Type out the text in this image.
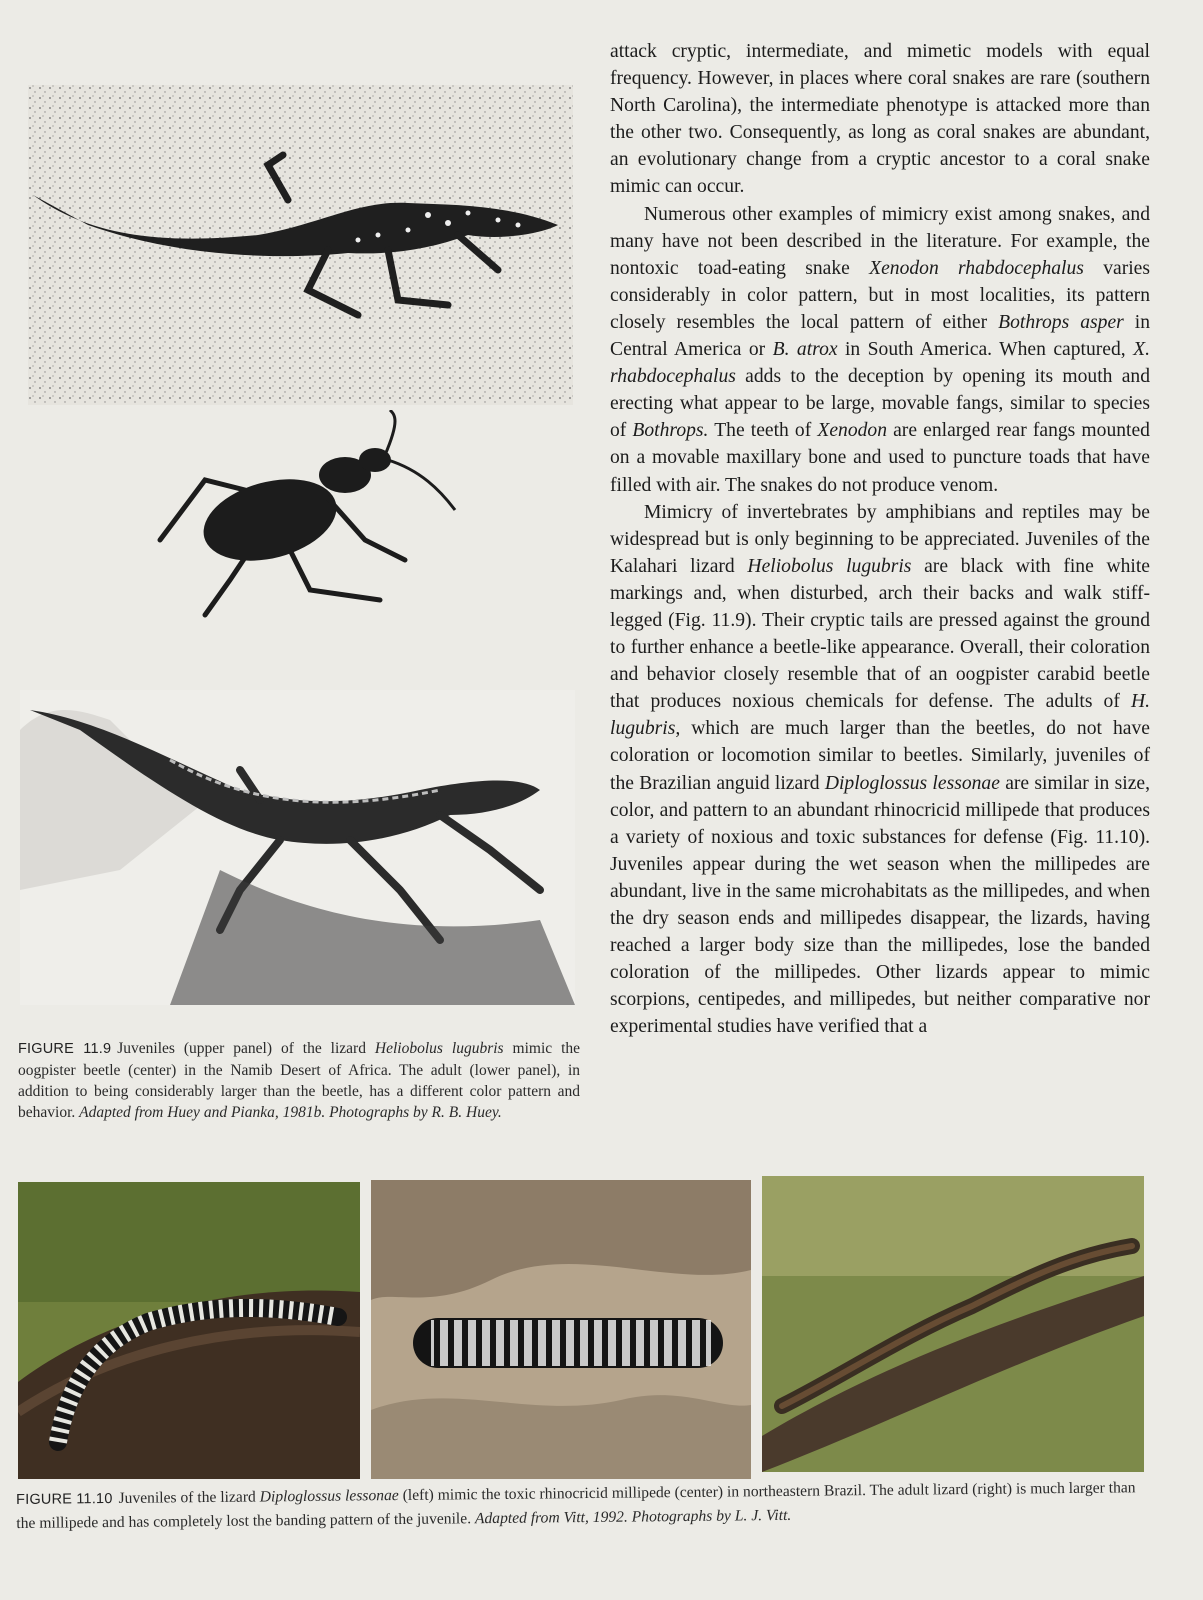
FIGURE 11.9 Juveniles (upper panel) of the lizard Heliobolus lugubris mimic the oogpister beetle (center) in the Namib Desert of Africa. The adult (lower panel), in addition to being considerably larger than the beetle, has a different color pattern and behavior. Adapted from Huey and Pianka, 1981b. Photographs by R. B. Huey.

attack cryptic, intermediate, and mimetic models with equal frequency. However, in places where coral snakes are rare (southern North Carolina), the intermediate phenotype is attacked more than the other two. Consequently, as long as coral snakes are abundant, an evolutionary change from a cryptic ancestor to a coral snake mimic can occur.

Numerous other examples of mimicry exist among snakes, and many have not been described in the literature. For example, the nontoxic toad-eating snake Xenodon rhabdocephalus varies considerably in color pattern, but in most localities, its pattern closely resembles the local pattern of either Bothrops asper in Central America or B. atrox in South America. When captured, X. rhabdocephalus adds to the deception by opening its mouth and erecting what appear to be large, movable fangs, similar to species of Bothrops. The teeth of Xenodon are enlarged rear fangs mounted on a movable maxillary bone and used to puncture toads that have filled with air. The snakes do not produce venom.

Mimicry of invertebrates by amphibians and reptiles may be widespread but is only beginning to be appreciated. Juveniles of the Kalahari lizard Heliobolus lugubris are black with fine white markings and, when disturbed, arch their backs and walk stiff-legged (Fig. 11.9). Their cryptic tails are pressed against the ground to further enhance a beetle-like appearance. Overall, their coloration and behavior closely resemble that of an oogpister carabid beetle that produces noxious chemicals for defense. The adults of H. lugubris, which are much larger than the beetles, do not have coloration or locomotion similar to beetles. Similarly, juveniles of the Brazilian anguid lizard Diploglossus lessonae are similar in size, color, and pattern to an abundant rhinocricid millipede that produces a variety of noxious and toxic substances for defense (Fig. 11.10). Juveniles appear during the wet season when the millipedes are abundant, live in the same microhabitats as the millipedes, and when the dry season ends and millipedes disappear, the lizards, having reached a larger body size than the millipedes, lose the banded coloration of the millipedes. Other lizards appear to mimic scorpions, centipedes, and millipedes, but neither comparative nor experimental studies have verified that a

FIGURE 11.10 Juveniles of the lizard Diploglossus lessonae (left) mimic the toxic rhinocricid millipede (center) in northeastern Brazil. The adult lizard (right) is much larger than the millipede and has completely lost the banding pattern of the juvenile. Adapted from Vitt, 1992. Photographs by L. J. Vitt.
